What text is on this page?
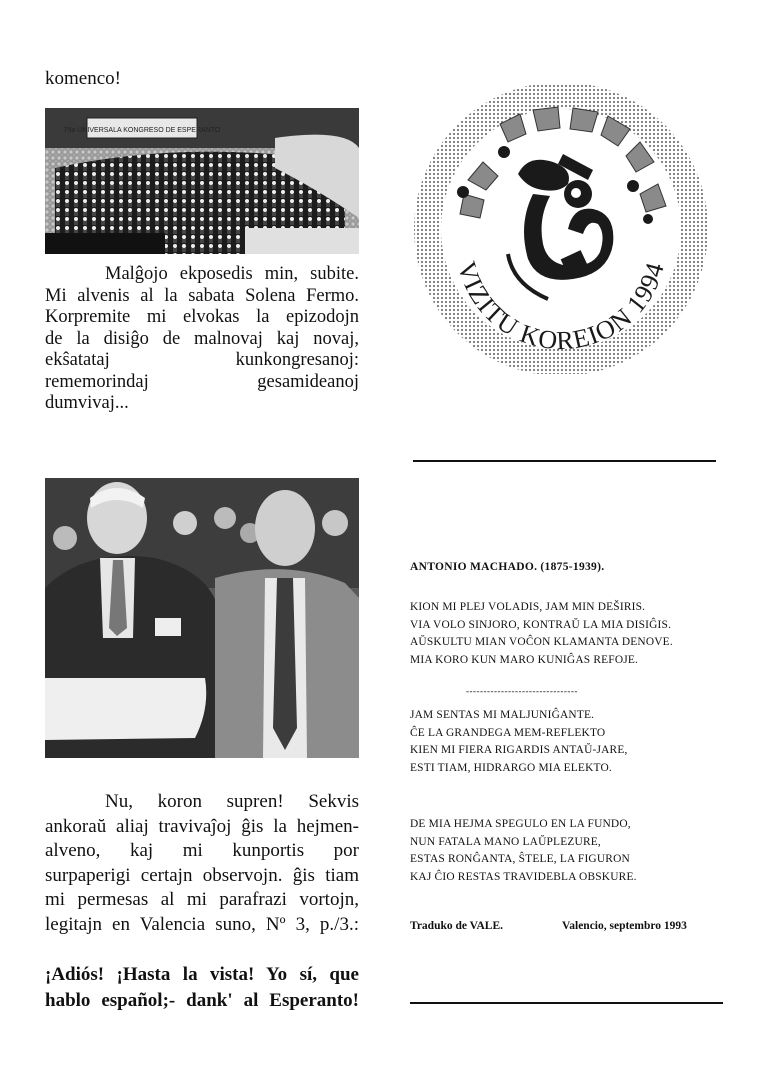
komenco!
79a UNIVERSALA KONGRESO DE ESPERANTO
Malĝojo ekposedis min, subite.
Mi alvenis al la sabata Solena Fermo.
Korpremite mi elvokas la epizodojn
de la disiĝo de malnovaj kaj novaj,
ekŝatataj          kunkongresanoj:
rememorindaj         gesamideanoj
dumvivaj...
Nu, koron supren! Sekvis
ankoraŭ aliaj travivaĵoj ĝis la hejmen-
alveno, kaj mi kunportis por
surpaperigi certajn observojn. ĝis tiam
mi permesas al mi parafrazi vortojn,
legitajn en Valencia suno, Nº 3, p./3.:
¡Adiós! ¡Hasta la vista! Yo sí, que
hablo español;- dank' al Esperanto!
VIZITU KOREION 1994
ANTONIO MACHADO. (1875-1939).
KION MI PLEJ VOLADIS, JAM MIN DEŠIRIS.
VIA VOLO SINJORO, KONTRAŬ LA MIA DISIĜIS.
AŬSKULTU MIAN VOĈON KLAMANTA DENOVE.
MIA KORO KUN MARO KUNIĜAS REFOJE.
--------------------------------
JAM SENTAS MI MALJUNIĜANTE.
ĈE LA GRANDEGA MEM-REFLEKTO
KIEN MI FIERA RIGARDIS ANTAŬ-JARE,
ESTI TIAM, HIDRARGO MIA ELEKTO.
DE MIA HEJMA SPEGULO EN LA FUNDO,
NUN FATALA MANO LAŬPLEZURE,
ESTAS RONĜANTA, ŜTELE, LA FIGURON
KAJ ĈIO RESTAS TRAVIDEBLA OBSKURE.
Traduko de VALE.	Valencio, septembro 1993
